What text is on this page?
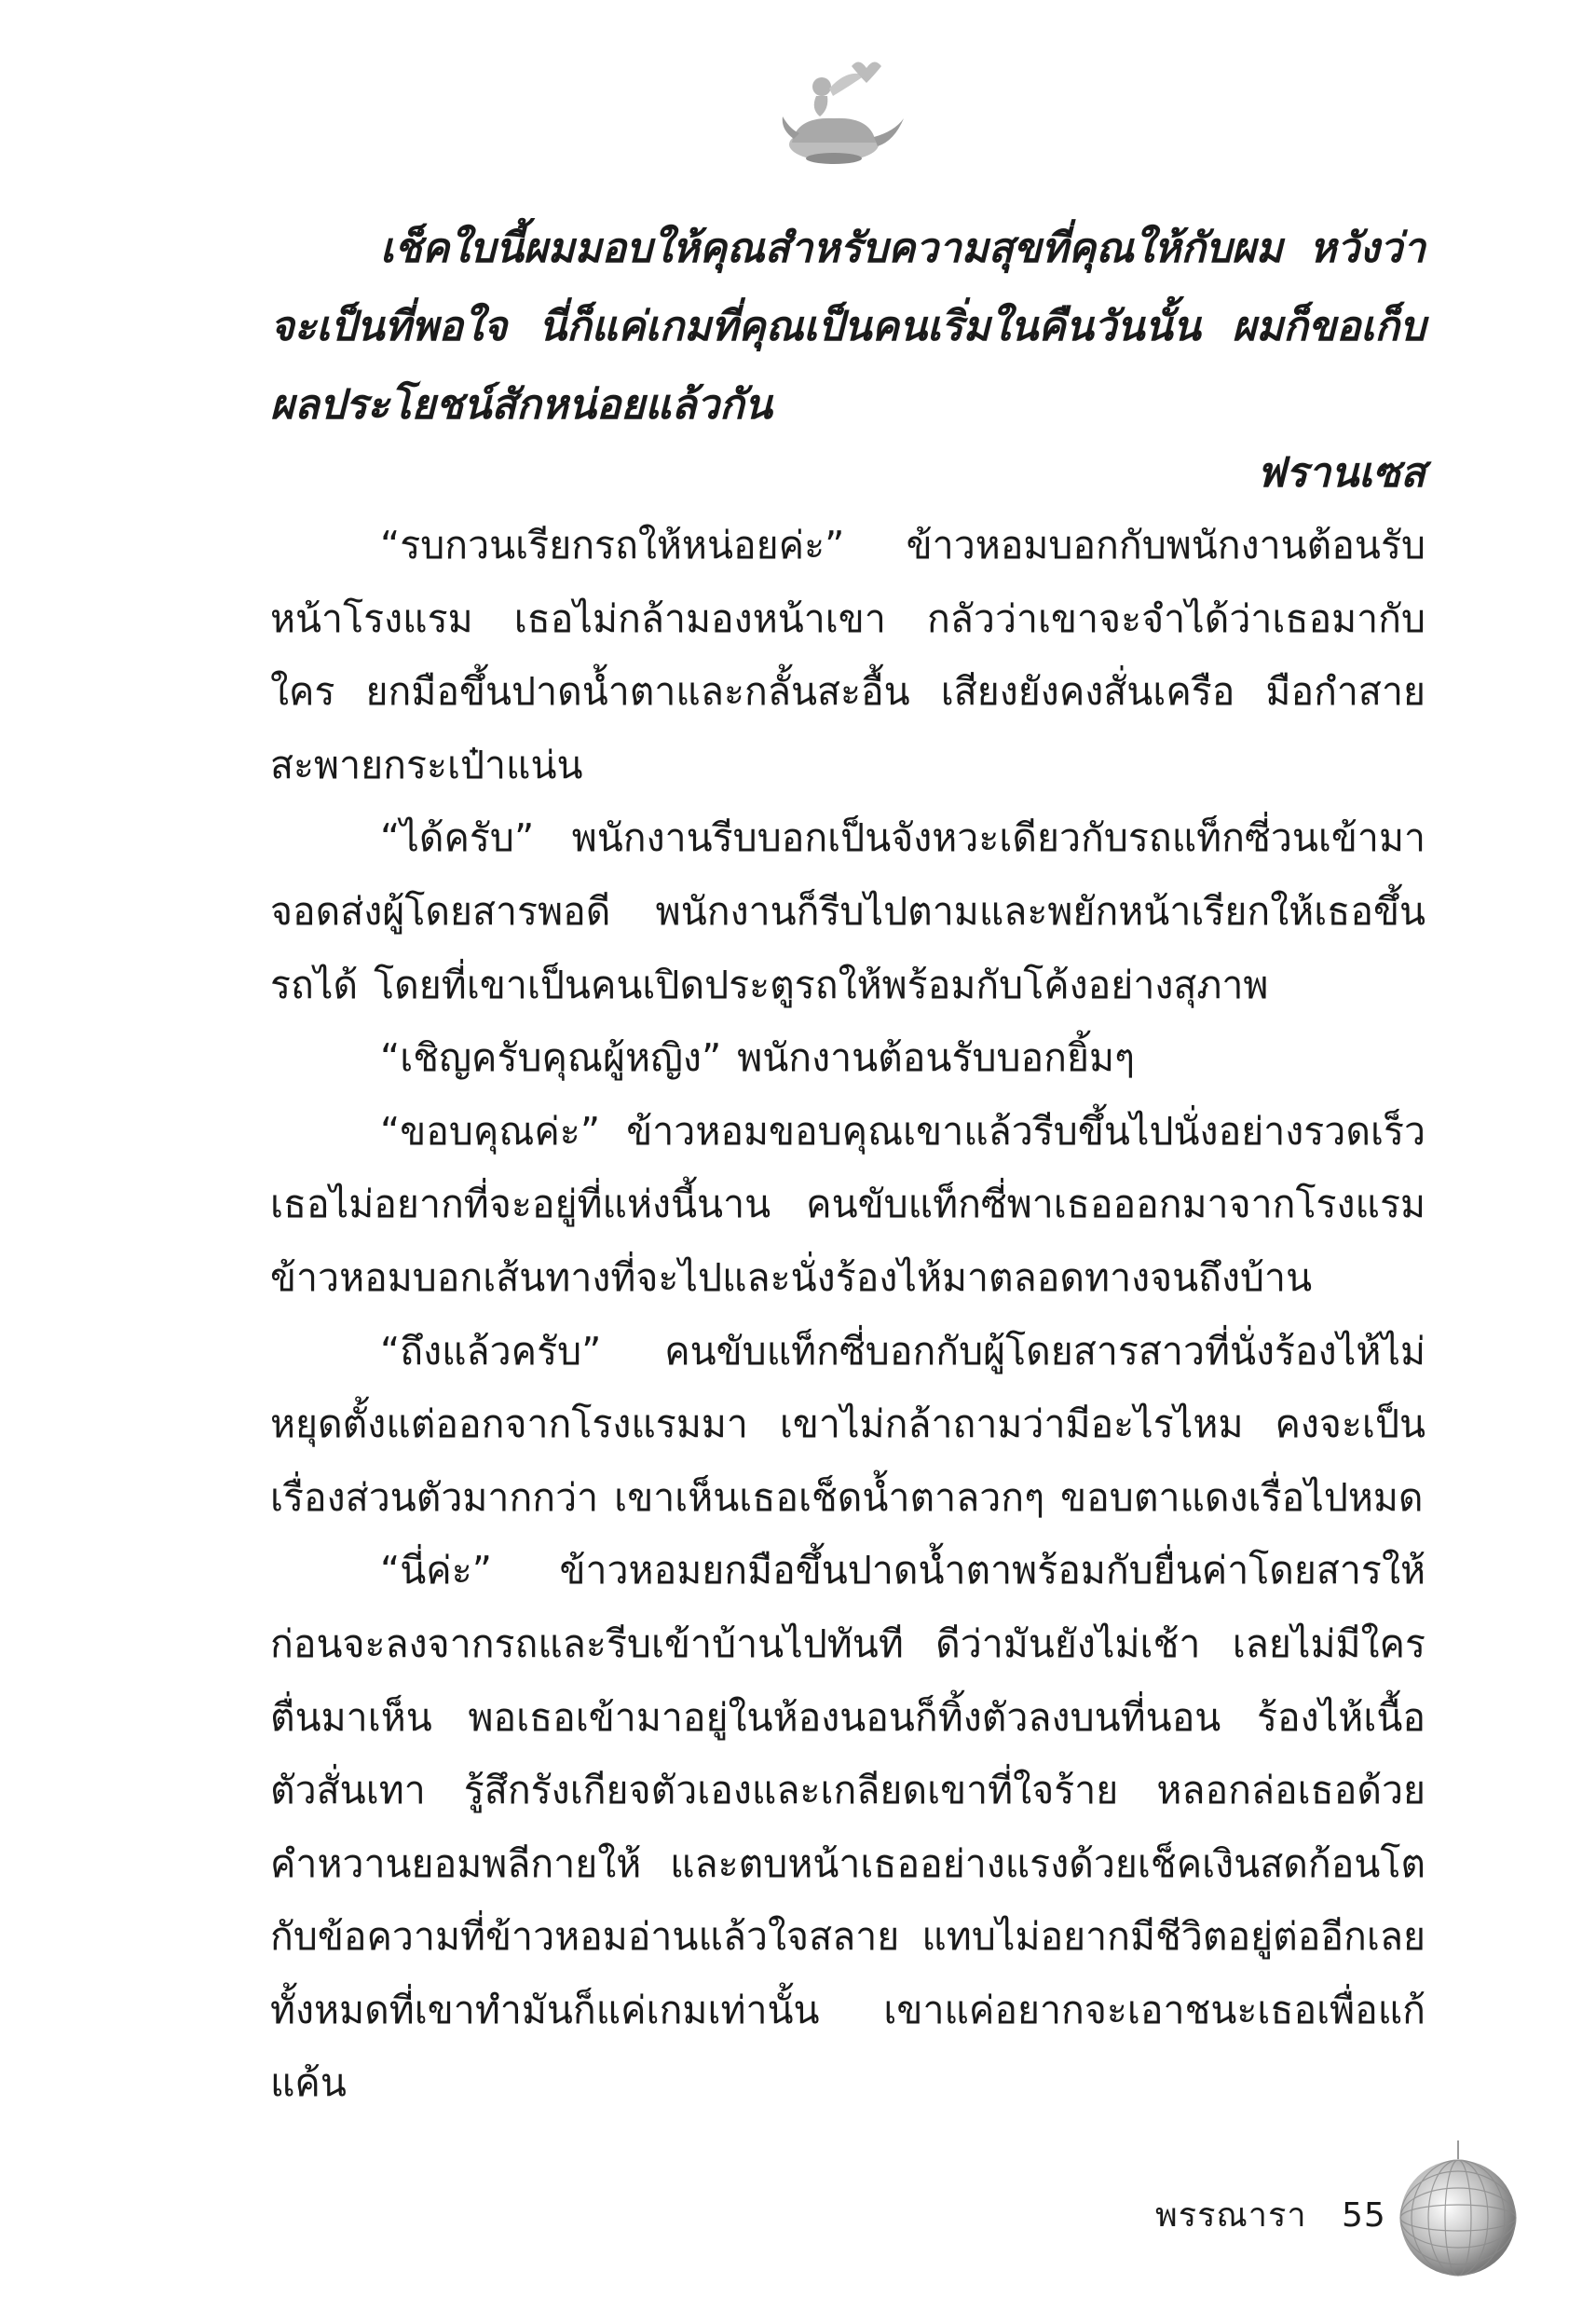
เช็คใบนี้ผมมอบให้คุณสำหรับความสุขที่คุณให้กับผม หวังว่าจะเป็นที่พอใจ นี่ก็แค่เกมที่คุณเป็นคนเริ่มในคืนวันนั้น ผมก็ขอเก็บผลประโยชน์สักหน่อยแล้วกัน

ฟรานเซส

“รบกวนเรียกรถให้หน่อยค่ะ” ข้าวหอมบอกกับพนักงานต้อนรับหน้าโรงแรม เธอไม่กล้ามองหน้าเขา กลัวว่าเขาจะจำได้ว่าเธอมากับใคร ยกมือขึ้นปาดน้ำตาและกลั้นสะอื้น เสียงยังคงสั่นเครือ มือกำสายสะพายกระเป๋าแน่น

“ได้ครับ” พนักงานรีบบอกเป็นจังหวะเดียวกับรถแท็กซี่วนเข้ามาจอดส่งผู้โดยสารพอดี พนักงานก็รีบไปตามและพยักหน้าเรียกให้เธอขึ้นรถได้ โดยที่เขาเป็นคนเปิดประตูรถให้พร้อมกับโค้งอย่างสุภาพ

“เชิญครับคุณผู้หญิง” พนักงานต้อนรับบอกยิ้มๆ

“ขอบคุณค่ะ” ข้าวหอมขอบคุณเขาแล้วรีบขึ้นไปนั่งอย่างรวดเร็ว เธอไม่อยากที่จะอยู่ที่แห่งนี้นาน คนขับแท็กซี่พาเธอออกมาจากโรงแรม ข้าวหอมบอกเส้นทางที่จะไปและนั่งร้องไห้มาตลอดทางจนถึงบ้าน

“ถึงแล้วครับ” คนขับแท็กซี่บอกกับผู้โดยสารสาวที่นั่งร้องไห้ไม่หยุดตั้งแต่ออกจากโรงแรมมา เขาไม่กล้าถามว่ามีอะไรไหม คงจะเป็นเรื่องส่วนตัวมากกว่า เขาเห็นเธอเช็ดน้ำตาลวกๆ ขอบตาแดงเรื่อไปหมด

“นี่ค่ะ” ข้าวหอมยกมือขึ้นปาดน้ำตาพร้อมกับยื่นค่าโดยสารให้ก่อนจะลงจากรถและรีบเข้าบ้านไปทันที ดีว่ามันยังไม่เช้า เลยไม่มีใครตื่นมาเห็น พอเธอเข้ามาอยู่ในห้องนอนก็ทิ้งตัวลงบนที่นอน ร้องไห้เนื้อตัวสั่นเทา รู้สึกรังเกียจตัวเองและเกลียดเขาที่ใจร้าย หลอกล่อเธอด้วยคำหวานยอมพลีกายให้ และตบหน้าเธออย่างแรงด้วยเช็คเงินสดก้อนโตกับข้อความที่ข้าวหอมอ่านแล้วใจสลาย แทบไม่อยากมีชีวิตอยู่ต่ออีกเลย ทั้งหมดที่เขาทำมันก็แค่เกมเท่านั้น เขาแค่อยากจะเอาชนะเธอเพื่อแก้แค้น

พรรณารา 55
